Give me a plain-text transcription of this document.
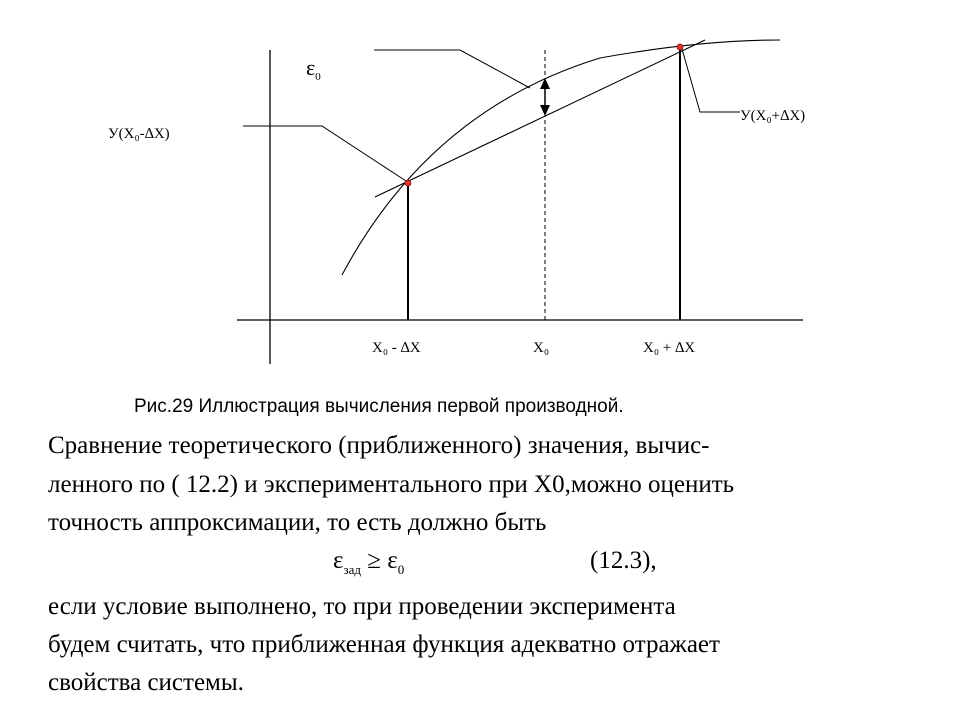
$\varepsilon_0$
У(Х₀-∆Х)
У(Х₀+∆Х)
Х₀ - ∆Х	Х₀	Х₀ + ∆Х
Рис.29 Иллюстрация вычисления первой производной.
Сравнение теоретического (приближенного) значения, вычис-
ленного по ( 12.2) и экспериментального при Х0,можно оценить
точность аппроксимации, то есть должно быть
$\varepsilon_{зад} \ge \varepsilon_0$	(12.3),
если условие выполнено, то при проведении эксперимента
будем считать, что приближенная функция адекватно отражает
свойства системы.
